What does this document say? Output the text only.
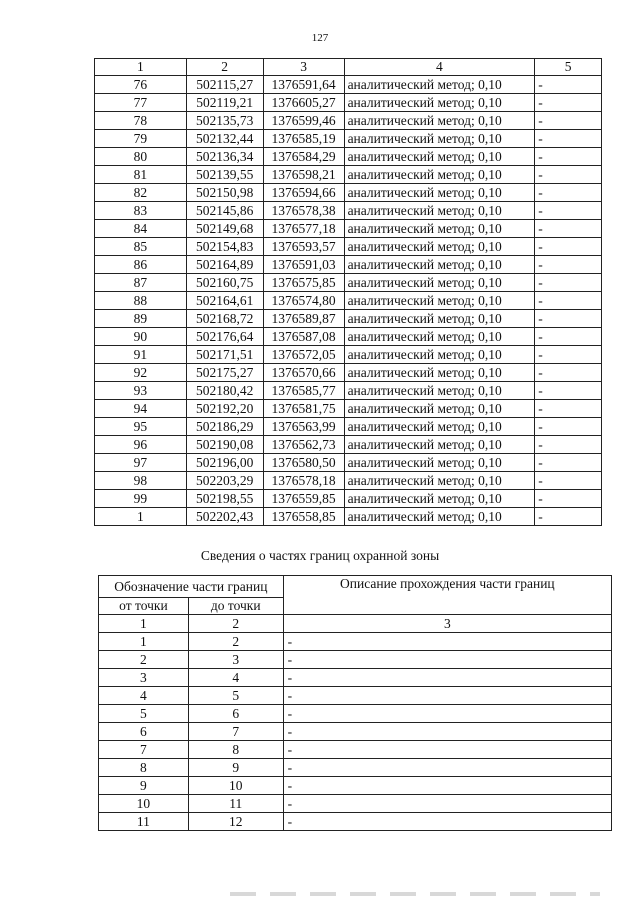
127
1	2	3	4	5
76	502115,27	1376591,64	аналитический метод; 0,10	-
77	502119,21	1376605,27	аналитический метод; 0,10	-
78	502135,73	1376599,46	аналитический метод; 0,10	-
79	502132,44	1376585,19	аналитический метод; 0,10	-
80	502136,34	1376584,29	аналитический метод; 0,10	-
81	502139,55	1376598,21	аналитический метод; 0,10	-
82	502150,98	1376594,66	аналитический метод; 0,10	-
83	502145,86	1376578,38	аналитический метод; 0,10	-
84	502149,68	1376577,18	аналитический метод; 0,10	-
85	502154,83	1376593,57	аналитический метод; 0,10	-
86	502164,89	1376591,03	аналитический метод; 0,10	-
87	502160,75	1376575,85	аналитический метод; 0,10	-
88	502164,61	1376574,80	аналитический метод; 0,10	-
89	502168,72	1376589,87	аналитический метод; 0,10	-
90	502176,64	1376587,08	аналитический метод; 0,10	-
91	502171,51	1376572,05	аналитический метод; 0,10	-
92	502175,27	1376570,66	аналитический метод; 0,10	-
93	502180,42	1376585,77	аналитический метод; 0,10	-
94	502192,20	1376581,75	аналитический метод; 0,10	-
95	502186,29	1376563,99	аналитический метод; 0,10	-
96	502190,08	1376562,73	аналитический метод; 0,10	-
97	502196,00	1376580,50	аналитический метод; 0,10	-
98	502203,29	1376578,18	аналитический метод; 0,10	-
99	502198,55	1376559,85	аналитический метод; 0,10	-
1	502202,43	1376558,85	аналитический метод; 0,10	-
Сведения о частях границ охранной зоны
Обозначение части границ		Описание прохождения части границ
от точки	до точки	
1	2	3
1	2	-
2	3	-
3	4	-
4	5	-
5	6	-
6	7	-
7	8	-
8	9	-
9	10	-
10	11	-
11	12	-
